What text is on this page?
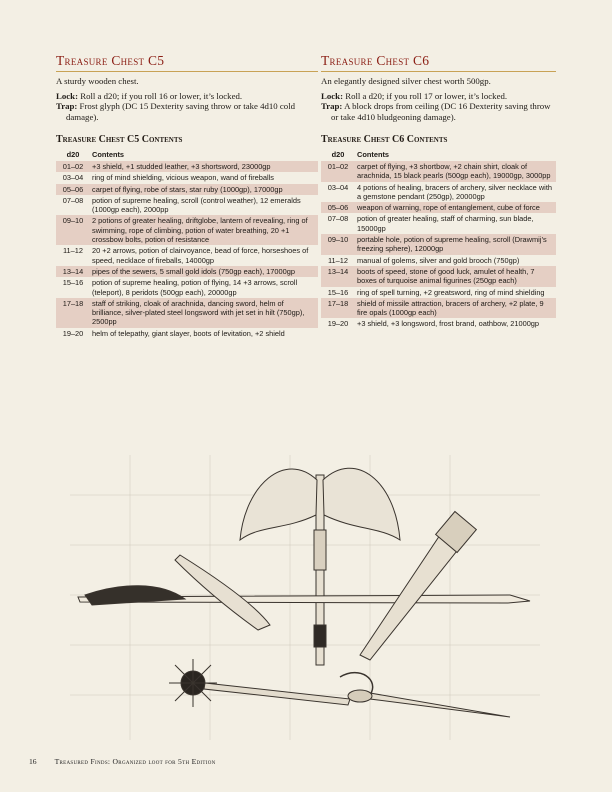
Treasure Chest C5
A sturdy wooden chest.
Lock: Roll a d20; if you roll 16 or lower, it’s locked.
Trap: Frost glyph (DC 15 Dexterity saving throw or take 4d10 cold damage).
Treasure Chest C5 Contents
d20	Contents
01–02	+3 shield, +1 studded leather, +3 shortsword, 23000gp
03–04	ring of mind shielding, vicious weapon, wand of fireballs
05–06	carpet of flying, robe of stars, star ruby (1000gp), 17000gp
07–08	potion of supreme healing, scroll (control weather), 12 emeralds (1000gp each), 2000pp
09–10	2 potions of greater healing, driftglobe, lantern of revealing, ring of swimming, rope of climbing, potion of water breathing, 20 +1 crossbow bolts, potion of resistance
11–12	20 +2 arrows, potion of clairvoyance, bead of force, horseshoes of speed, necklace of fireballs, 14000gp
13–14	pipes of the sewers, 5 small gold idols (750gp each), 17000gp
15–16	potion of supreme healing, potion of flying, 14 +3 arrows, scroll (teleport), 8 peridots (500gp each), 20000gp
17–18	staff of striking, cloak of arachnida, dancing sword, helm of brilliance, silver-plated steel longsword with jet set in hilt (750gp), 2500pp
19–20	helm of telepathy, giant slayer, boots of levitation, +2 shield
Treasure Chest C6
An elegantly designed silver chest worth 500gp.
Lock: Roll a d20; if you roll 17 or lower, it’s locked.
Trap: A block drops from ceiling (DC 16 Dexterity saving throw or take 4d10 bludgeoning damage).
Treasure Chest C6 Contents
d20	Contents
01–02	carpet of flying, +3 shortbow, +2 chain shirt, cloak of arachnida, 15 black pearls (500gp each), 19000gp, 3000pp
03–04	4 potions of healing, bracers of archery, silver necklace with a gemstone pendant (250gp), 20000gp
05–06	weapon of warning, rope of entanglement, cube of force
07–08	potion of greater healing, staff of charming, sun blade, 15000gp
09–10	portable hole, potion of supreme healing, scroll (Drawmij’s freezing sphere), 12000gp
11–12	manual of golems, silver and gold brooch (750gp)
13–14	boots of speed, stone of good luck, amulet of health, 7 boxes of turquoise animal figurines (250gp each)
15–16	ring of spell turning, +2 greatsword, ring of mind shielding
17–18	shield of missile attraction, bracers of archery, +2 plate, 9 fire opals (1000gp each)
19–20	+3 shield, +3 longsword, frost brand, oathbow, 21000gp
16 Treasured Finds: Organized loot for 5th Edition
